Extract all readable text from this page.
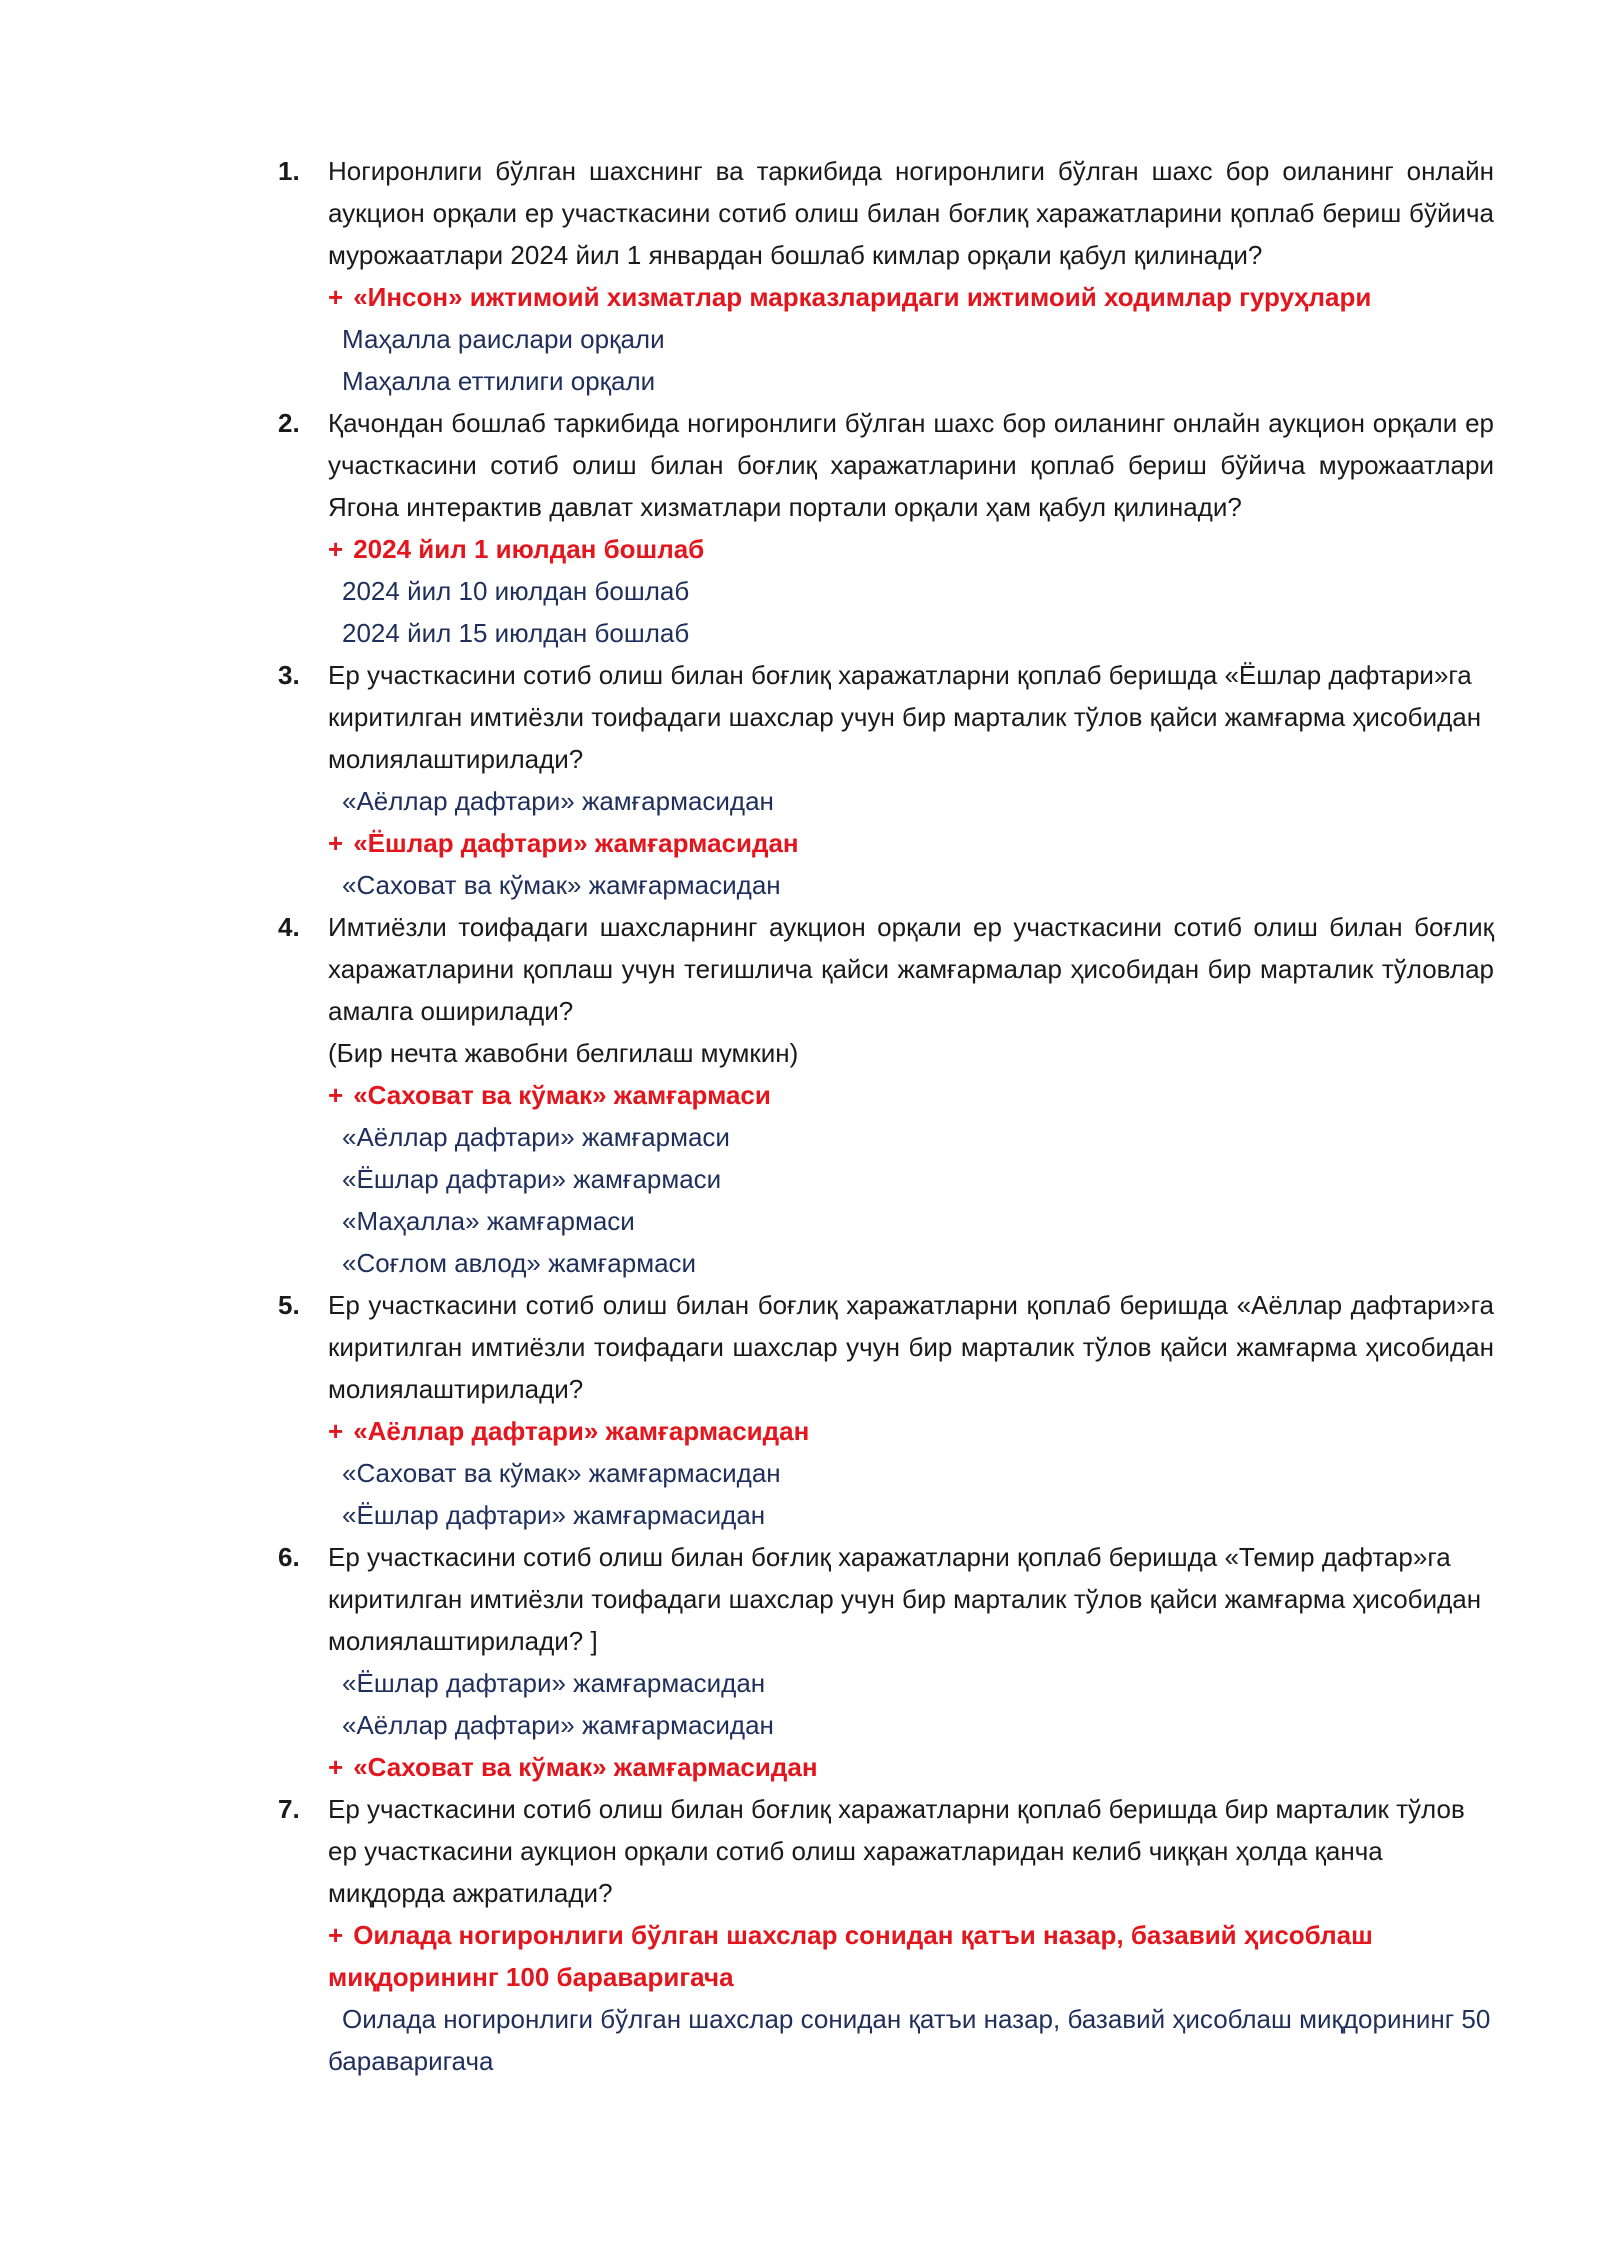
1.	Ногиронлиги бўлган шахснинг ва таркибида ногиронлиги бўлган шахс бор оиланинг онлайн аукцион орқали ер участкасини сотиб олиш билан боғлиқ харажатларини қоплаб бериш бўйича мурожаатлари 2024 йил 1 январдан бошлаб кимлар орқали қабул қилинади?
+ «Инсон» ижтимоий хизматлар марказларидаги ижтимоий ходимлар гуруҳлари
Маҳалла раислари орқали
Маҳалла еттилиги орқали
2.	Қачондан бошлаб таркибида ногиронлиги бўлган шахс бор оиланинг онлайн аукцион орқали ер участкасини сотиб олиш билан боғлиқ харажатларини қоплаб бериш бўйича мурожаатлари Ягона интерактив давлат хизматлари портали орқали ҳам қабул қилинади?
+ 2024 йил 1 июлдан бошлаб
2024 йил 10 июлдан бошлаб
2024 йил 15 июлдан бошлаб
3.	Ер участкасини сотиб олиш билан боғлиқ харажатларни қоплаб беришда «Ёшлар дафтари»га киритилган имтиёзли тоифадаги шахслар учун бир марталик тўлов қайси жамғарма ҳисобидан молиялаштирилади?
«Аёллар дафтари» жамғармасидан
+ «Ёшлар дафтари» жамғармасидан
«Саховат ва кўмак» жамғармасидан
4.	Имтиёзли тоифадаги шахсларнинг аукцион орқали ер участкасини сотиб олиш билан боғлиқ харажатларини қоплаш учун тегишлича қайси жамғармалар ҳисобидан бир марталик тўловлар амалга оширилади?
(Бир нечта жавобни белгилаш мумкин)
+ «Саховат ва кўмак» жамғармаси
«Аёллар дафтари» жамғармаси
«Ёшлар дафтари» жамғармаси
«Маҳалла» жамғармаси
«Соғлом авлод» жамғармаси
5.	Ер участкасини сотиб олиш билан боғлиқ харажатларни қоплаб беришда «Аёллар дафтари»га киритилган имтиёзли тоифадаги шахслар учун бир марталик тўлов қайси жамғарма ҳисобидан молиялаштирилади?
+ «Аёллар дафтари» жамғармасидан
«Саховат ва кўмак» жамғармасидан
«Ёшлар дафтари» жамғармасидан
6.	Ер участкасини сотиб олиш билан боғлиқ харажатларни қоплаб беришда «Темир дафтар»га киритилган имтиёзли тоифадаги шахслар учун бир марталик тўлов қайси жамғарма ҳисобидан молиялаштирилади? ]
«Ёшлар дафтари» жамғармасидан
«Аёллар дафтари» жамғармасидан
+ «Саховат ва кўмак» жамғармасидан
7.	Ер участкасини сотиб олиш билан боғлиқ харажатларни қоплаб беришда бир марталик тўлов ер участкасини аукцион орқали сотиб олиш харажатларидан келиб чиққан ҳолда қанча миқдорда ажратилади?
+ Оилада ногиронлиги бўлган шахслар сонидан қатъи назар, базавий ҳисоблаш миқдорининг 100 бараваригача
Оилада ногиронлиги бўлган шахслар сонидан қатъи назар, базавий ҳисоблаш миқдорининг 50 бараваригача
